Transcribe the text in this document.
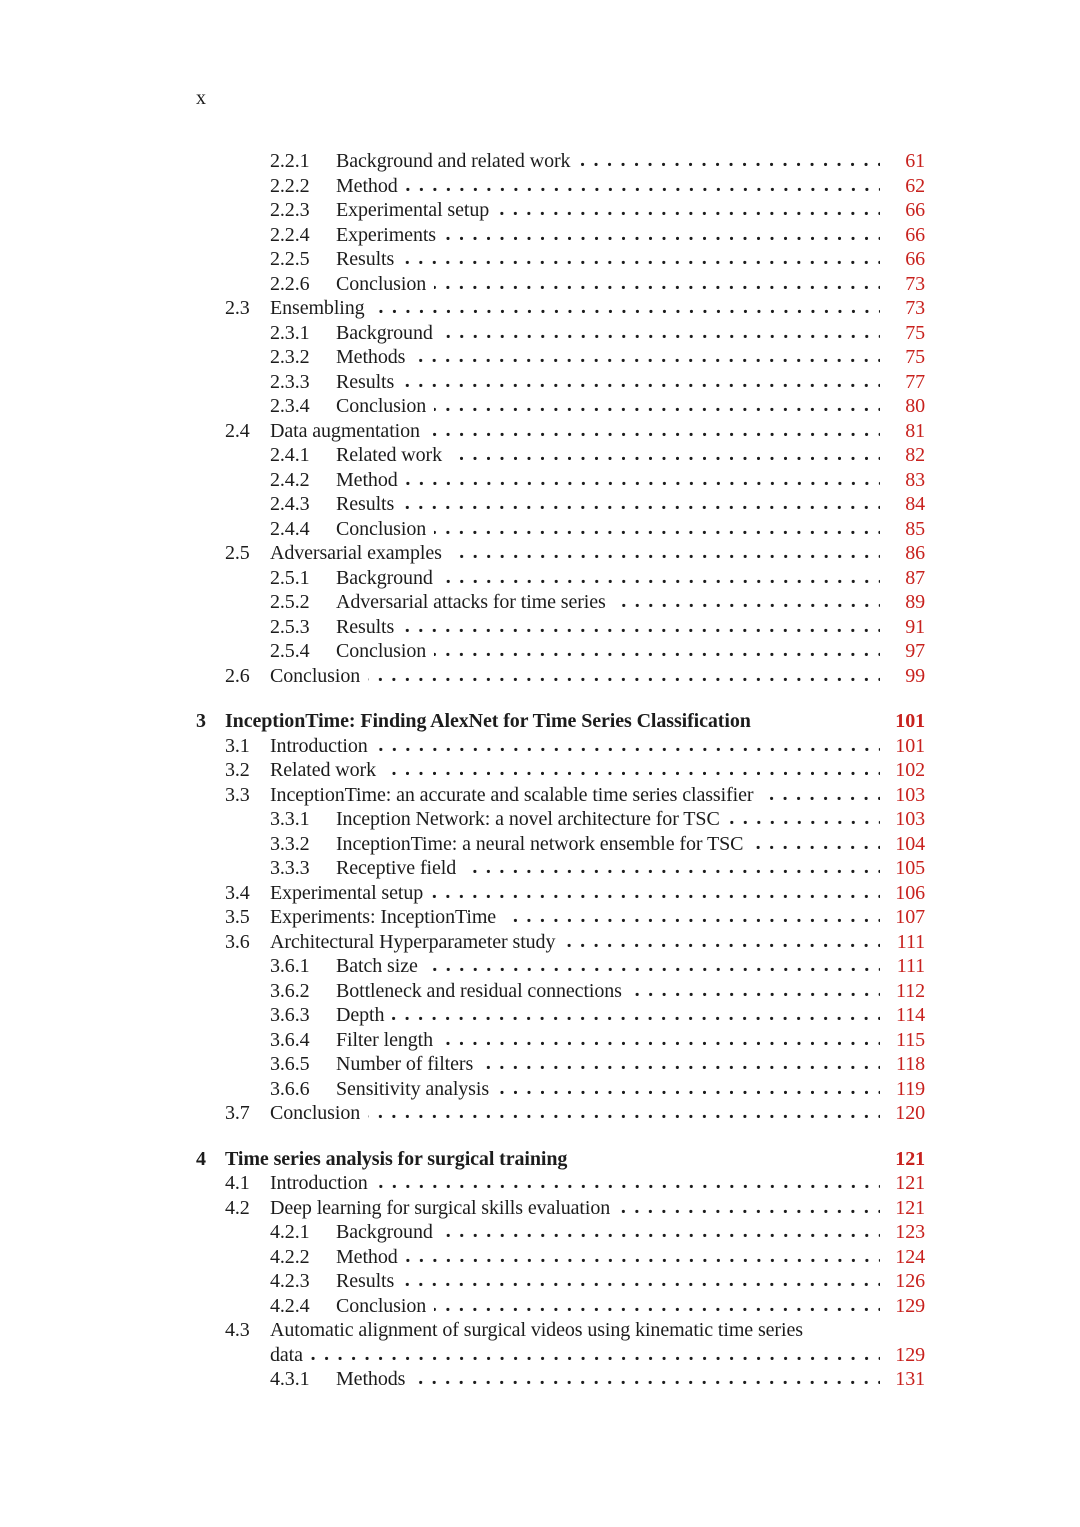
x
2.2.1	Background and related work	61
2.2.2	Method	62
2.2.3	Experimental setup	66
2.2.4	Experiments	66
2.2.5	Results	66
2.2.6	Conclusion	73
2.3	Ensembling	73
2.3.1	Background	75
2.3.2	Methods	75
2.3.3	Results	77
2.3.4	Conclusion	80
2.4	Data augmentation	81
2.4.1	Related work	82
2.4.2	Method	83
2.4.3	Results	84
2.4.4	Conclusion	85
2.5	Adversarial examples	86
2.5.1	Background	87
2.5.2	Adversarial attacks for time series	89
2.5.3	Results	91
2.5.4	Conclusion	97
2.6	Conclusion	99
3 InceptionTime: Finding AlexNet for Time Series Classification	101
3.1	Introduction	101
3.2	Related work	102
3.3	InceptionTime: an accurate and scalable time series classifier	103
3.3.1	Inception Network: a novel architecture for TSC	103
3.3.2	InceptionTime: a neural network ensemble for TSC	104
3.3.3	Receptive field	105
3.4	Experimental setup	106
3.5	Experiments: InceptionTime	107
3.6	Architectural Hyperparameter study	111
3.6.1	Batch size	111
3.6.2	Bottleneck and residual connections	112
3.6.3	Depth	114
3.6.4	Filter length	115
3.6.5	Number of filters	118
3.6.6	Sensitivity analysis	119
3.7	Conclusion	120
4 Time series analysis for surgical training	121
4.1	Introduction	121
4.2	Deep learning for surgical skills evaluation	121
4.2.1	Background	123
4.2.2	Method	124
4.2.3	Results	126
4.2.4	Conclusion	129
4.3	Automatic alignment of surgical videos using kinematic time series
data	129
4.3.1	Methods	131
